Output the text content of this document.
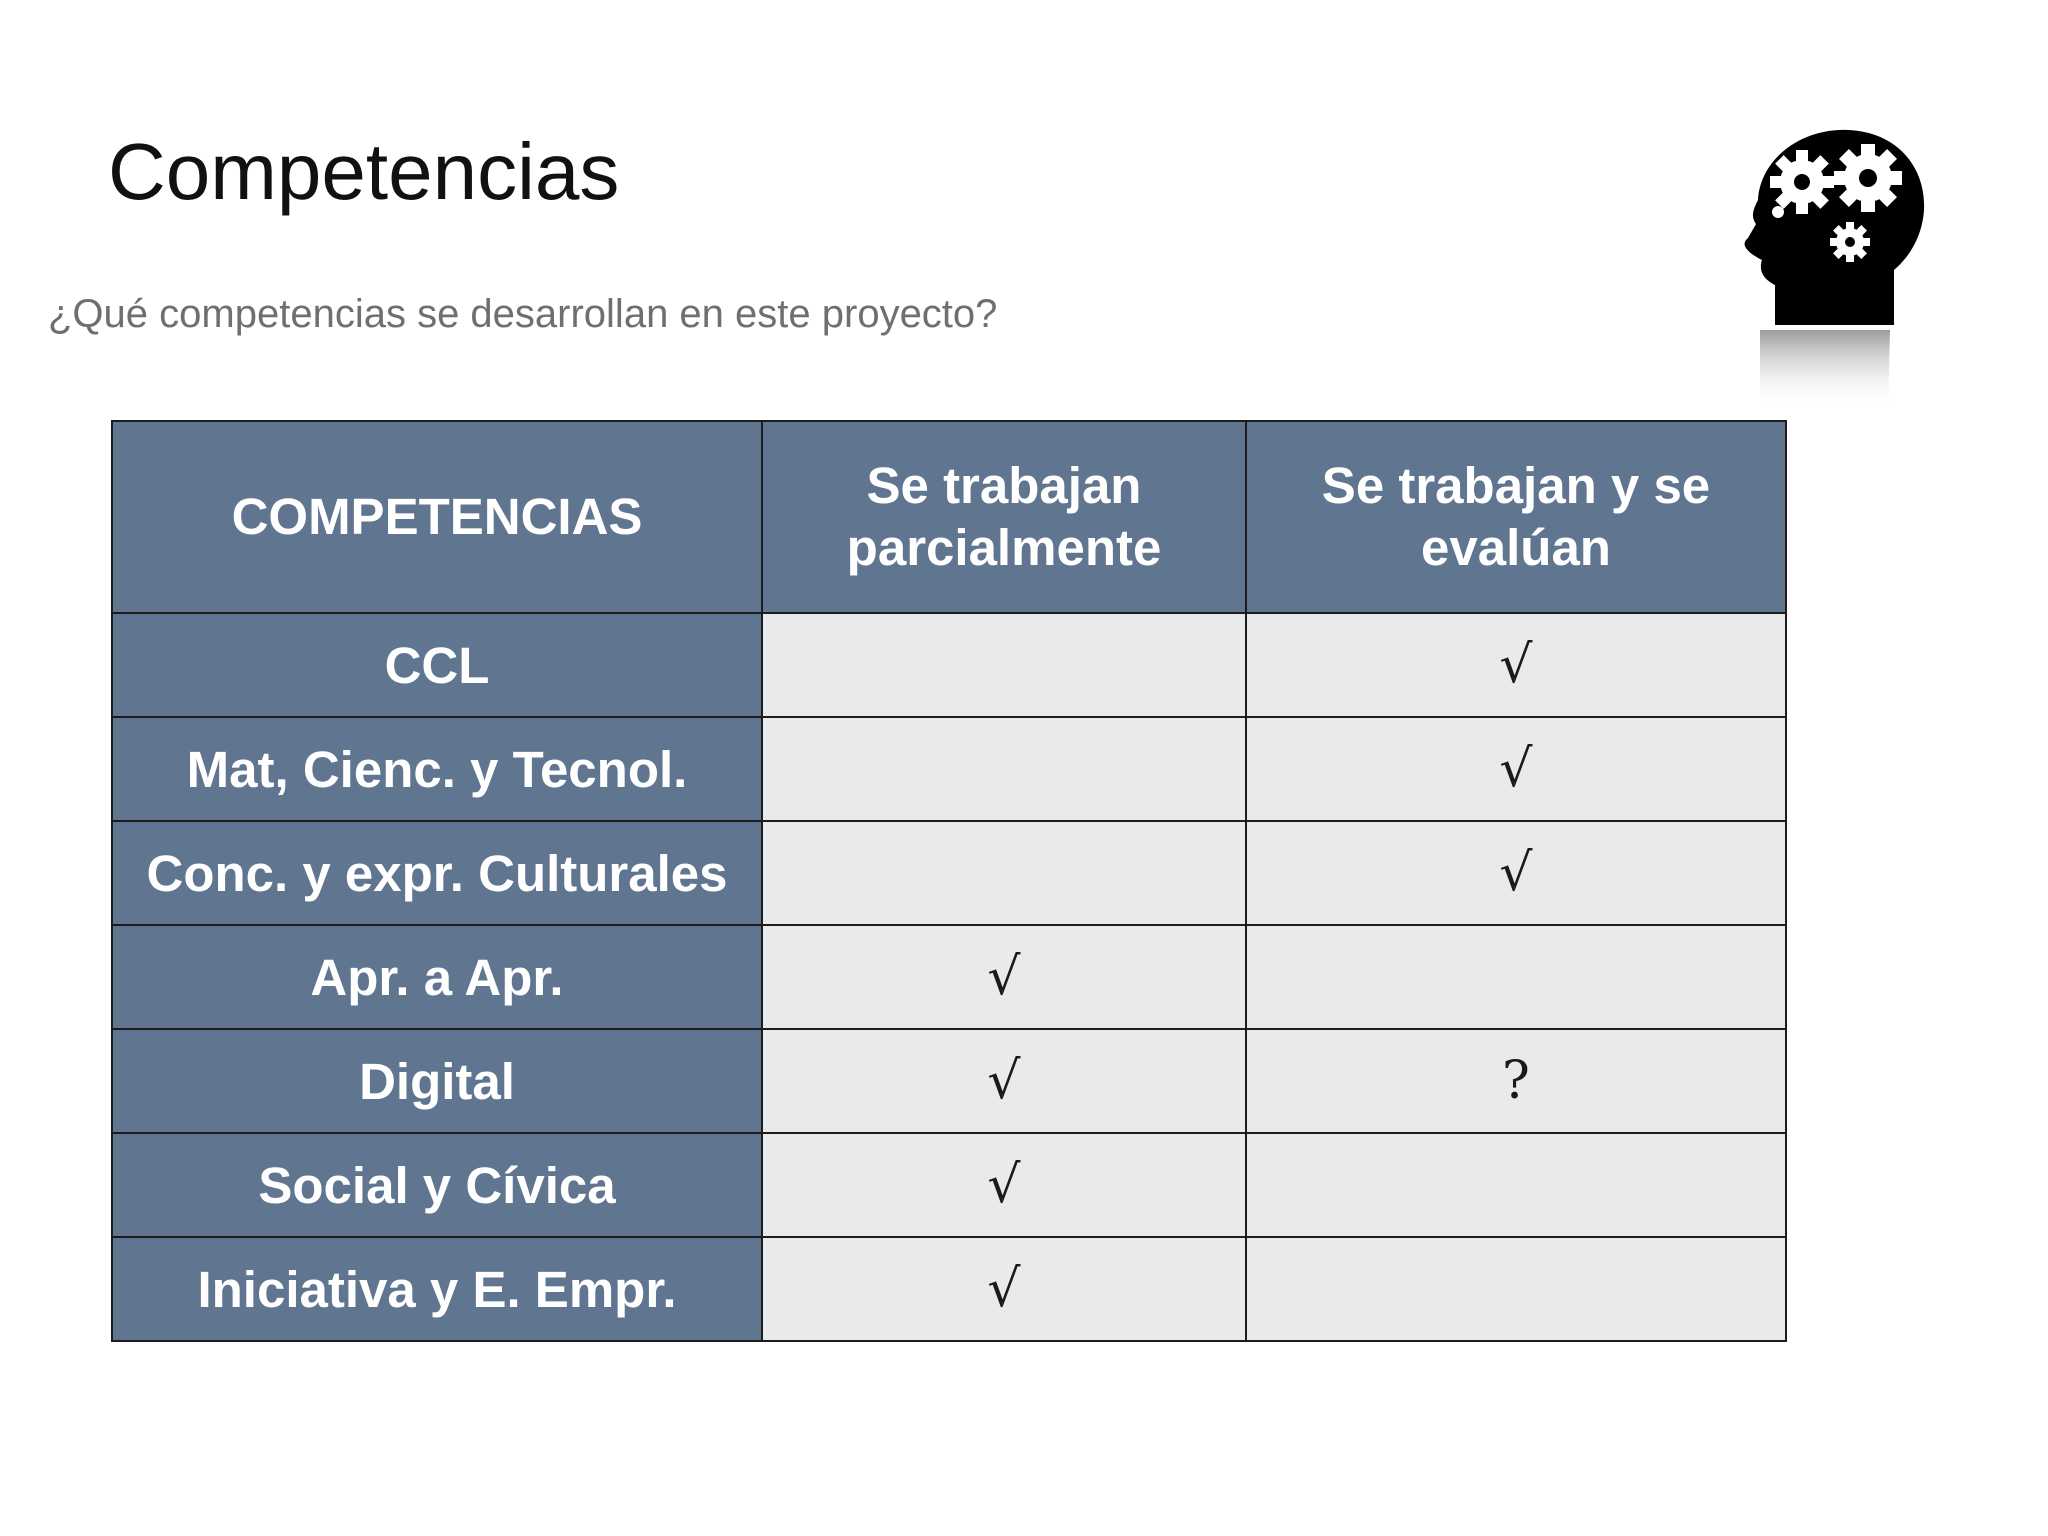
Competencias

¿Qué competencias se desarrollan en este proyecto?

COMPETENCIAS	Se trabajan parcialmente	Se trabajan y se evalúan
CCL		√
Mat, Cienc. y Tecnol.		√
Conc. y expr. Culturales		√
Apr. a Apr.	√	
Digital	√	?
Social y Cívica	√	
Iniciativa y E. Empr.	√	
